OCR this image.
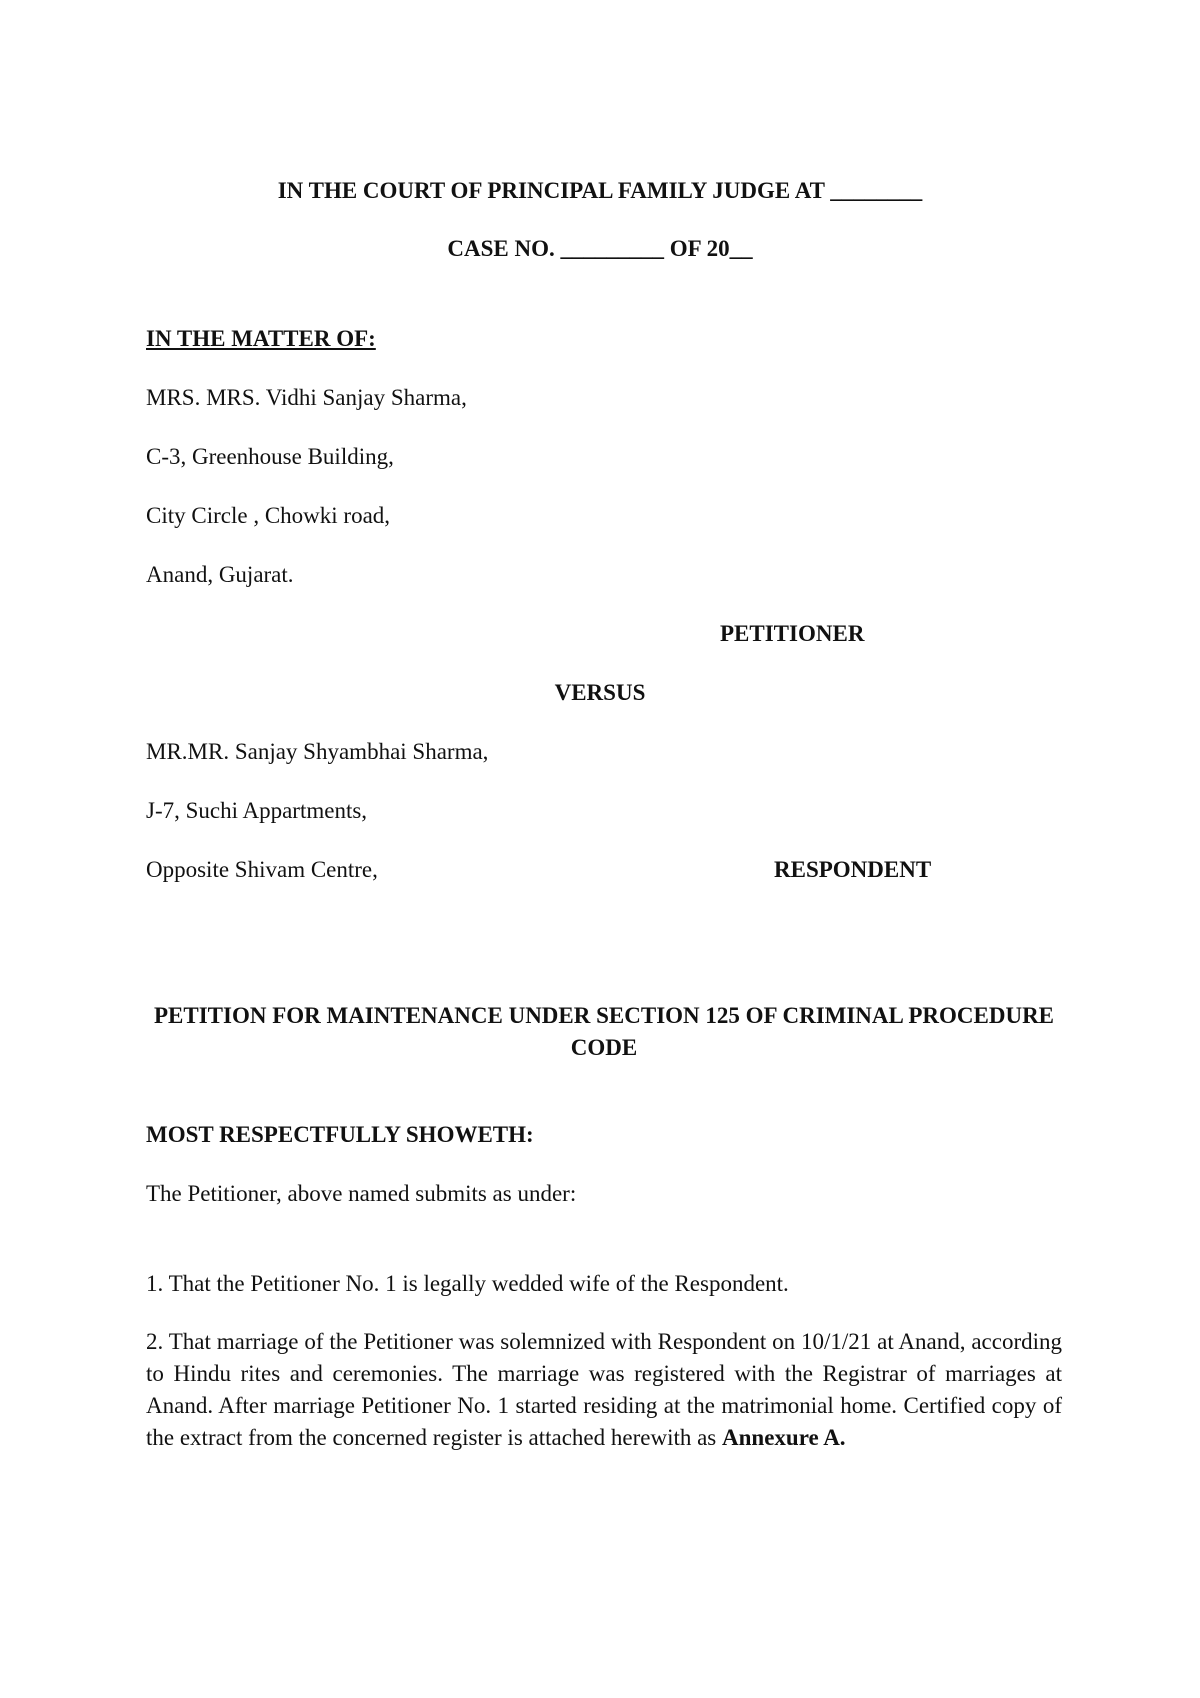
IN THE COURT OF PRINCIPAL FAMILY JUDGE AT ________
CASE NO. _________ OF 20__
IN THE MATTER OF:
MRS. MRS. Vidhi Sanjay Sharma,
C-3, Greenhouse Building,
City Circle , Chowki road,
Anand, Gujarat.
PETITIONER
VERSUS
MR.MR. Sanjay Shyambhai Sharma,
J-7, Suchi Appartments,
Opposite Shivam Centre,	RESPONDENT
PETITION FOR MAINTENANCE UNDER SECTION 125 OF CRIMINAL PROCEDURE CODE
MOST RESPECTFULLY SHOWETH:
The Petitioner, above named submits as under:
1. That the Petitioner No. 1 is legally wedded wife of the Respondent.
2. That marriage of the Petitioner was solemnized with Respondent on 10/1/21 at Anand, according to Hindu rites and ceremonies. The marriage was registered with the Registrar of marriages at Anand. After marriage Petitioner No. 1 started residing at the matrimonial home. Certified copy of the extract from the concerned register is attached herewith as Annexure A.
